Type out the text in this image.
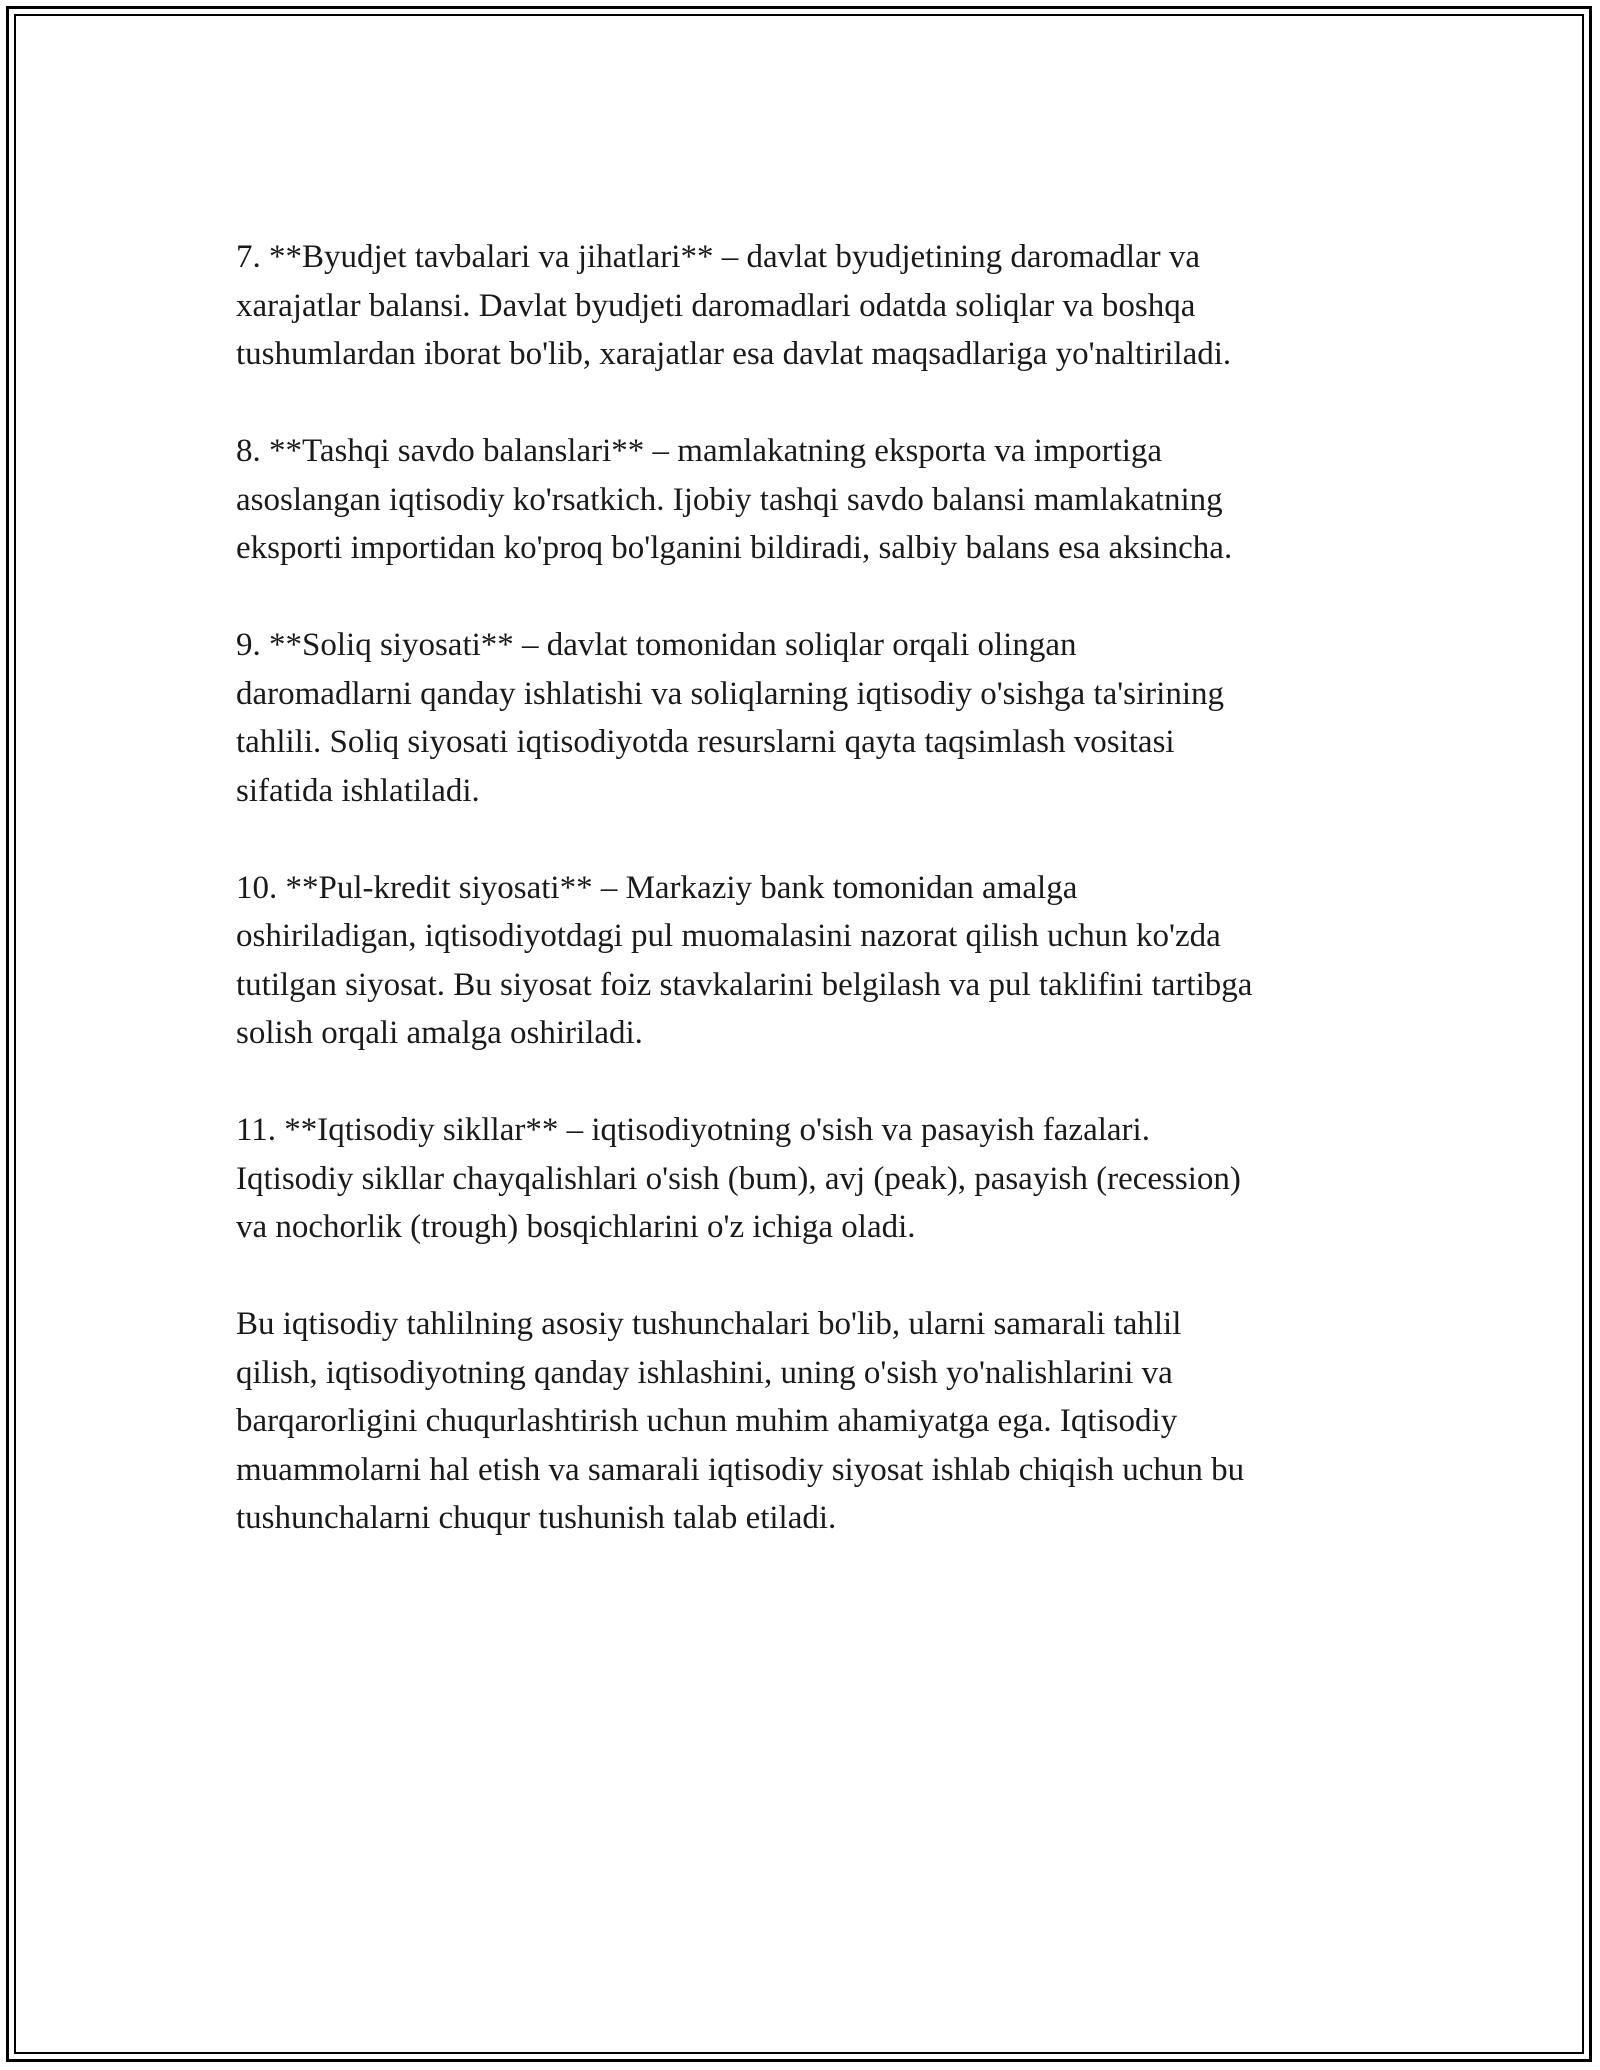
7. **Byudjet tavbalari va jihatlari** – davlat byudjetining daromadlar va
xarajatlar balansi. Davlat byudjeti daromadlari odatda soliqlar va boshqa
tushumlardan iborat bo'lib, xarajatlar esa davlat maqsadlariga yo'naltiriladi.

8. **Tashqi savdo balanslari** – mamlakatning eksporta va importiga
asoslangan iqtisodiy ko'rsatkich. Ijobiy tashqi savdo balansi mamlakatning
eksporti importidan ko'proq bo'lganini bildiradi, salbiy balans esa aksincha.

9. **Soliq siyosati** – davlat tomonidan soliqlar orqali olingan
daromadlarni qanday ishlatishi va soliqlarning iqtisodiy o'sishga ta'sirining
tahlili. Soliq siyosati iqtisodiyotda resurslarni qayta taqsimlash vositasi
sifatida ishlatiladi.

10. **Pul-kredit siyosati** – Markaziy bank tomonidan amalga
oshiriladigan, iqtisodiyotdagi pul muomalasini nazorat qilish uchun ko'zda
tutilgan siyosat. Bu siyosat foiz stavkalarini belgilash va pul taklifini tartibga
solish orqali amalga oshiriladi.

11. **Iqtisodiy sikllar** – iqtisodiyotning o'sish va pasayish fazalari.
Iqtisodiy sikllar chayqalishlari o'sish (bum), avj (peak), pasayish (recession)
va nochorlik (trough) bosqichlarini o'z ichiga oladi.

Bu iqtisodiy tahlilning asosiy tushunchalari bo'lib, ularni samarali tahlil
qilish, iqtisodiyotning qanday ishlashini, uning o'sish yo'nalishlarini va
barqarorligini chuqurlashtirish uchun muhim ahamiyatga ega. Iqtisodiy
muammolarni hal etish va samarali iqtisodiy siyosat ishlab chiqish uchun bu
tushunchalarni chuqur tushunish talab etiladi.
